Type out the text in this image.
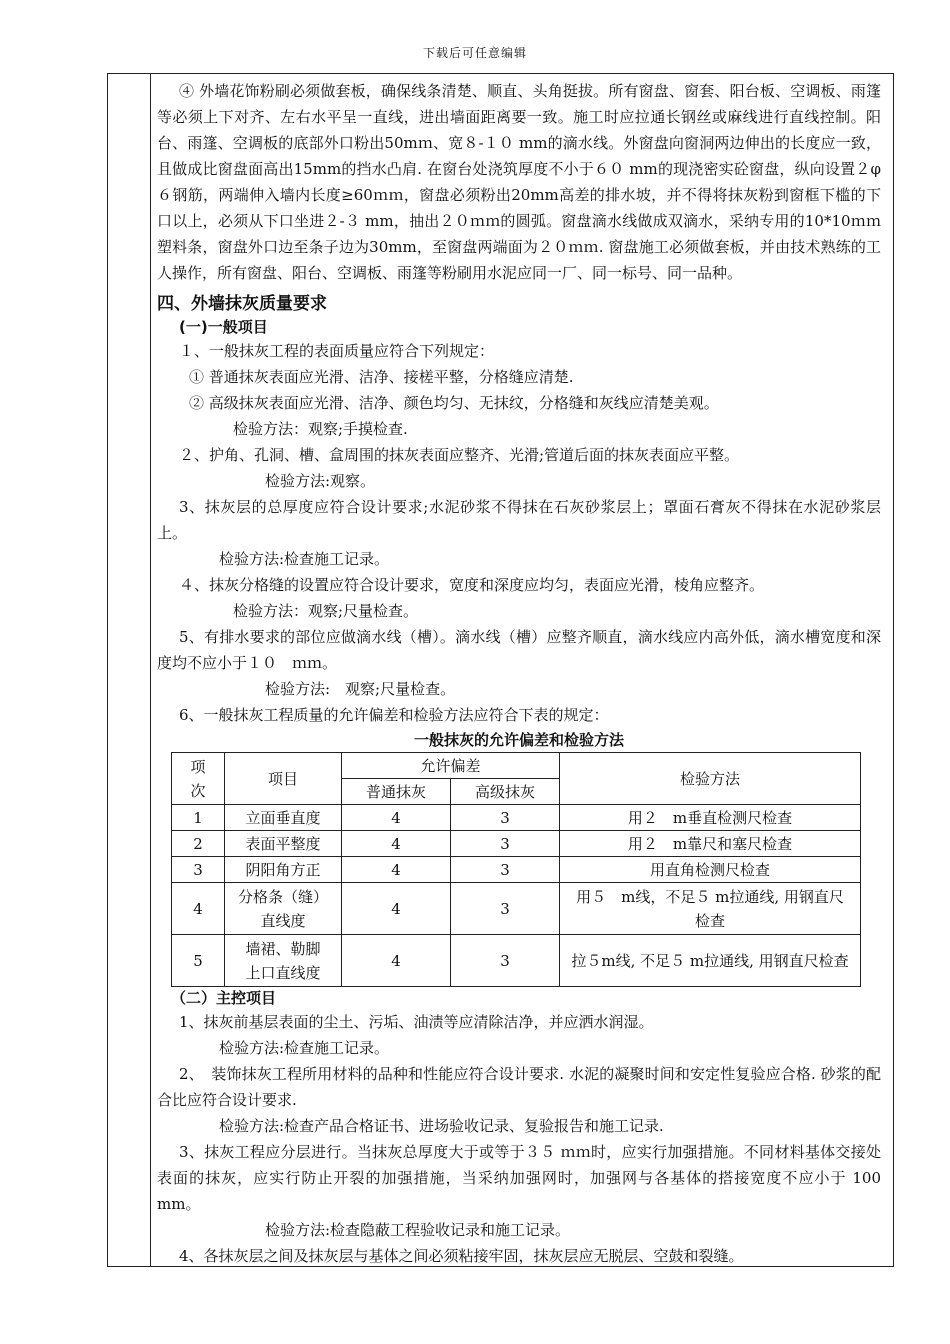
下载后可任意编辑
④ 外墙花饰粉刷必须做套板，确保线条清楚、顺直、头角挺拔。所有窗盘、窗套、阳台板、空调板、雨篷等必须上下对齐、左右水平呈一直线，进出墙面距离要一致。施工时应拉通长钢丝或麻线进行直线控制。阳台、雨篷、空调板的底部外口粉出50mｍ、宽８-１０ mm的滴水线。外窗盘向窗洞两边伸出的长度应一致，且做成比窗盘面高出15mm的挡水凸肩. 在窗台处浇筑厚度不小于６０ mm的现浇密实砼窗盘，纵向设置２φ６钢筋，两端伸入墙内长度≥60ｍｍ，窗盘必须粉出20mm高差的排水坡，并不得将抹灰粉到窗框下槛的下口以上，必须从下口坐进２-３ mm，抽出２０ｍｍ的圆弧。窗盘滴水线做成双滴水，采纳专用的10*10ｍｍ塑料条，窗盘外口边至条子边为30mm，至窗盘两端面为２０ｍｍ. 窗盘施工必须做套板，并由技术熟练的工人操作，所有窗盘、阳台、空调板、雨篷等粉刷用水泥应同一厂、同一标号、同一品种。
四、外墙抹灰质量要求
(一)一般项目
１、一般抹灰工程的表面质量应符合下列规定：
① 普通抹灰表面应光滑、洁净、接槎平整，分格缝应清楚.
② 高级抹灰表面应光滑、洁净、颜色均匀、无抹纹，分格缝和灰线应清楚美观。
检验方法：观察;手摸检查.
２、护角、孔洞、槽、盒周围的抹灰表面应整齐、光滑;管道后面的抹灰表面应平整。
检验方法:观察。
3、抹灰层的总厚度应符合设计要求;水泥砂浆不得抹在石灰砂浆层上；罩面石膏灰不得抹在水泥砂浆层上。
检验方法:检查施工记录。
４、抹灰分格缝的设置应符合设计要求，宽度和深度应均匀，表面应光滑，棱角应整齐。
检验方法：观察;尺量检查。
5、有排水要求的部位应做滴水线（槽）。滴水线（槽）应整齐顺直，滴水线应内高外低，滴水槽宽度和深度均不应小于１０　ｍｍ。
检验方法:　观察;尺量检查。
6、一般抹灰工程质量的允许偏差和检验方法应符合下表的规定：
一般抹灰的允许偏差和检验方法
项
次	项目	允许偏差		检验方法
		普通抹灰	高级抹灰	
1	立面垂直度	4	3	用２　m垂直检测尺检查
2	表面平整度	4	3	用２　m靠尺和塞尺检查
3	阴阳角方正	4	3	用直角检测尺检查
4	分格条（缝）
直线度	4	3	用５　m线，不足５ m拉通线, 用钢直尺
检查
5	墙裙、勒脚
上口直线度	4	3	拉５m线, 不足５ m拉通线, 用钢直尺检查
（二）主控项目
1、抹灰前基层表面的尘土、污垢、油渍等应清除洁净，并应洒水润湿。
检验方法:检查施工记录。
2、　装饰抹灰工程所用材料的品种和性能应符合设计要求. 水泥的凝聚时间和安定性复验应合格. 砂浆的配合比应符合设计要求.
检验方法:检查产品合格证书、进场验收记录、复验报告和施工记录.
3、抹灰工程应分层进行。当抹灰总厚度大于或等于３５ ｍｍ时，应实行加强措施。不同材料基体交接处表面的抹灰，应实行防止开裂的加强措施，当采纳加强网时，加强网与各基体的搭接宽度不应小于 100 mm。
检验方法:检查隐蔽工程验收记录和施工记录。
4、各抹灰层之间及抹灰层与基体之间必须粘接牢固，抹灰层应无脱层、空鼓和裂缝。
